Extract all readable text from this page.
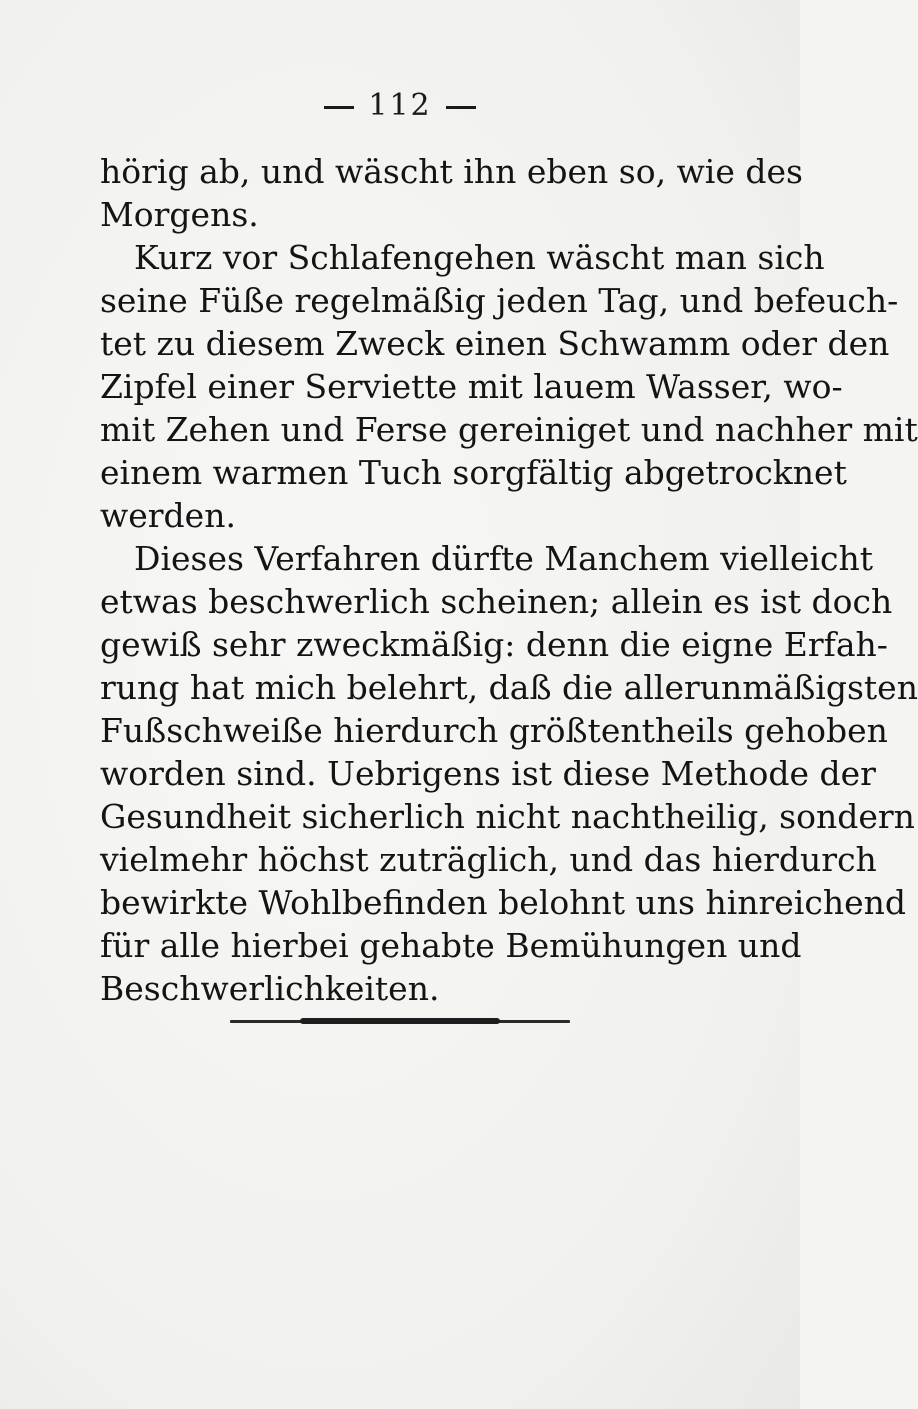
112

hörig ab, und wäscht ihn eben so, wie des
Morgens.

Kurz vor Schlafengehen wäscht man sich
seine Füße regelmäßig jeden Tag, und befeuch-
tet zu diesem Zweck einen Schwamm oder den
Zipfel einer Serviette mit lauem Wasser, wo-
mit Zehen und Ferse gereiniget und nachher mit
einem warmen Tuch sorgfältig abgetrocknet
werden.

Dieses Verfahren dürfte Manchem vielleicht
etwas beschwerlich scheinen; allein es ist doch
gewiß sehr zweckmäßig: denn die eigne Erfah-
rung hat mich belehrt, daß die allerunmäßigsten
Fußschweiße hierdurch größtentheils gehoben
worden sind. Uebrigens ist diese Methode der
Gesundheit sicherlich nicht nachtheilig, sondern
vielmehr höchst zuträglich, und das hierdurch
bewirkte Wohlbefinden belohnt uns hinreichend
für alle hierbei gehabte Bemühungen und
Beschwerlichkeiten.
